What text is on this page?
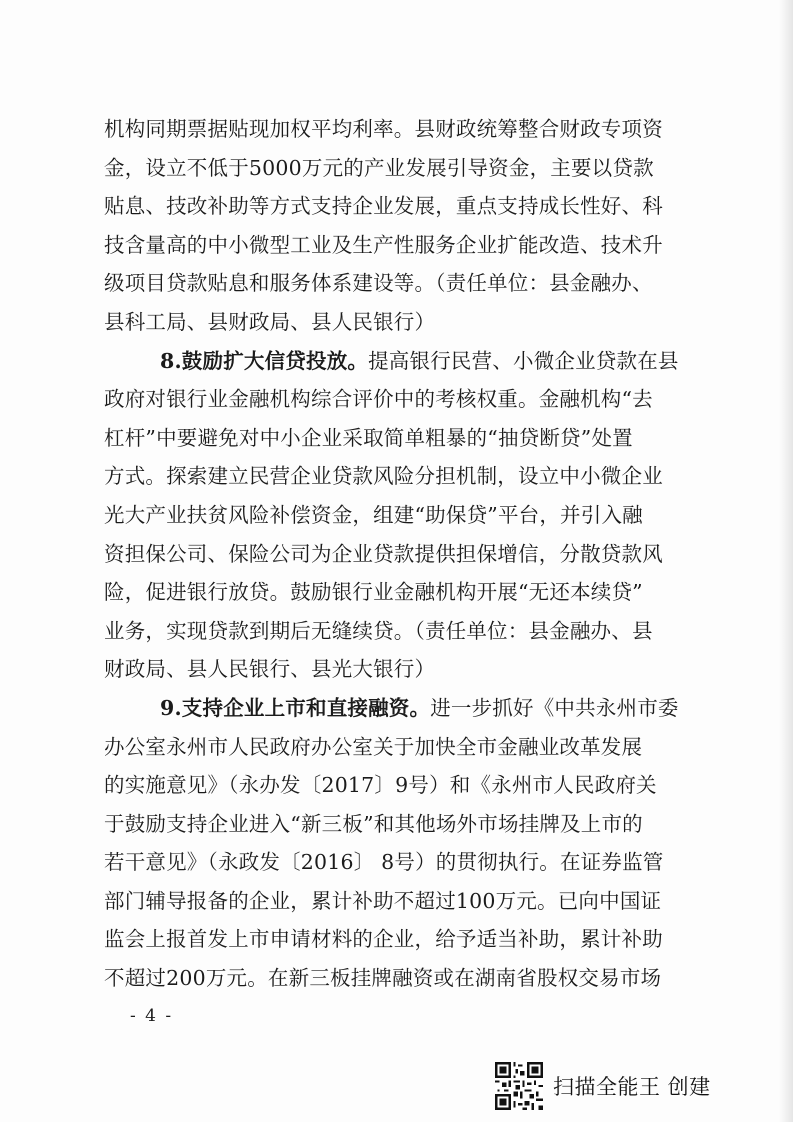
机构同期票据贴现加权平均利率。县财政统筹整合财政专项资
金，设立不低于5000万元的产业发展引导资金，主要以贷款
贴息、技改补助等方式支持企业发展，重点支持成长性好、科
技含量高的中小微型工业及生产性服务企业扩能改造、技术升
级项目贷款贴息和服务体系建设等。（责任单位：县金融办、
县科工局、县财政局、县人民银行）
8.鼓励扩大信贷投放。提高银行民营、小微企业贷款在县
政府对银行业金融机构综合评价中的考核权重。金融机构“去
杠杆”中要避免对中小企业采取简单粗暴的“抽贷断贷”处置
方式。探索建立民营企业贷款风险分担机制，设立中小微企业
光大产业扶贫风险补偿资金，组建“助保贷”平台，并引入融
资担保公司、保险公司为企业贷款提供担保增信，分散贷款风
险，促进银行放贷。鼓励银行业金融机构开展“无还本续贷”
业务，实现贷款到期后无缝续贷。（责任单位：县金融办、县
财政局、县人民银行、县光大银行）
9.支持企业上市和直接融资。进一步抓好《中共永州市委
办公室永州市人民政府办公室关于加快全市金融业改革发展
的实施意见》（永办发〔2017〕9号）和《永州市人民政府关
于鼓励支持企业进入“新三板”和其他场外市场挂牌及上市的
若干意见》（永政发〔2016〕 8号）的贯彻执行。在证券监管
部门辅导报备的企业，累计补助不超过100万元。已向中国证
监会上报首发上市申请材料的企业，给予适当补助，累计补助
不超过200万元。在新三板挂牌融资或在湖南省股权交易市场
- 4 -
扫描全能王 创建
